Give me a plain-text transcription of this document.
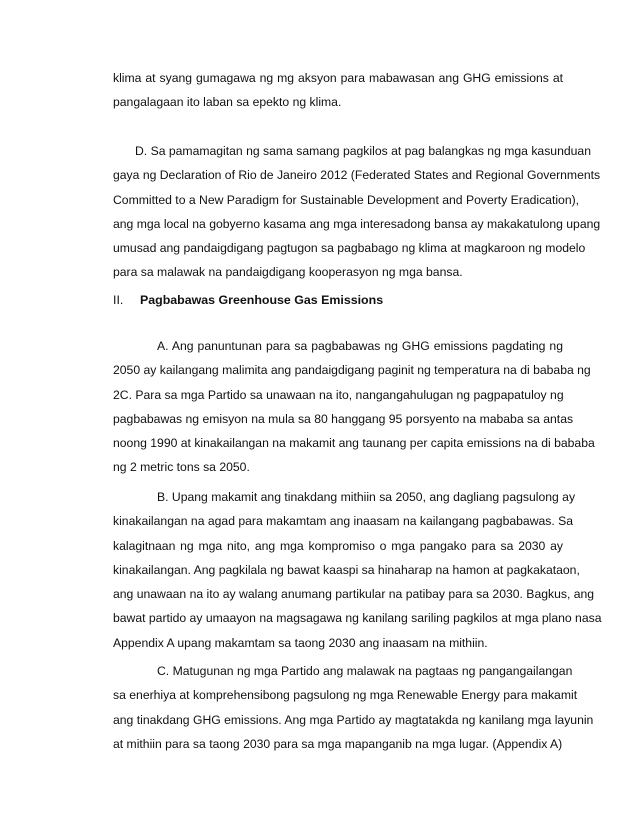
klima at syang gumagawa ng mg aksyon para mabawasan ang GHG emissions at
pangalagaan ito laban sa epekto ng klima.
D. Sa pamamagitan ng sama samang pagkilos at pag balangkas ng mga kasunduan
gaya ng Declaration of Rio de Janeiro 2012 (Federated States and Regional Governments
Committed to a New Paradigm for Sustainable Development and Poverty Eradication),
ang mga local na gobyerno kasama ang mga interesadong bansa ay makakatulong upang
umusad ang pandaigdigang pagtugon sa pagbabago ng klima at magkaroon ng modelo
para sa malawak na pandaigdigang kooperasyon ng mga bansa.
II. Pagbabawas Greenhouse Gas Emissions
A. Ang panuntunan para sa pagbabawas ng GHG emissions pagdating ng
2050 ay kailangang malimita ang pandaigdigang paginit ng temperatura na di bababa ng
2C. Para sa mga Partido sa unawaan na ito, nangangahulugan ng pagpapatuloy ng
pagbabawas ng emisyon na mula sa 80 hanggang 95 porsyento na mababa sa antas
noong 1990 at kinakailangan na makamit ang taunang per capita emissions na di bababa
ng 2 metric tons sa 2050.
B. Upang makamit ang tinakdang mithiin sa 2050, ang dagliang pagsulong ay
kinakailangan na agad para makamtam ang inaasam na kailangang pagbabawas. Sa
kalagitnaan ng mga nito, ang mga kompromiso o mga pangako para sa 2030 ay
kinakailangan. Ang pagkilala ng bawat kaaspi sa hinaharap na hamon at pagkakataon,
ang unawaan na ito ay walang anumang partikular na patibay para sa 2030. Bagkus, ang
bawat partido ay umaayon na magsagawa ng kanilang sariling pagkilos at mga plano nasa
Appendix A upang makamtam sa taong 2030 ang inaasam na mithiin.
C. Matugunan ng mga Partido ang malawak na pagtaas ng pangangailangan
sa enerhiya at komprehensibong pagsulong ng mga Renewable Energy para makamit
ang tinakdang GHG emissions. Ang mga Partido ay magtatakda ng kanilang mga layunin
at mithiin para sa taong 2030 para sa mga mapanganib na mga lugar. (Appendix A)
